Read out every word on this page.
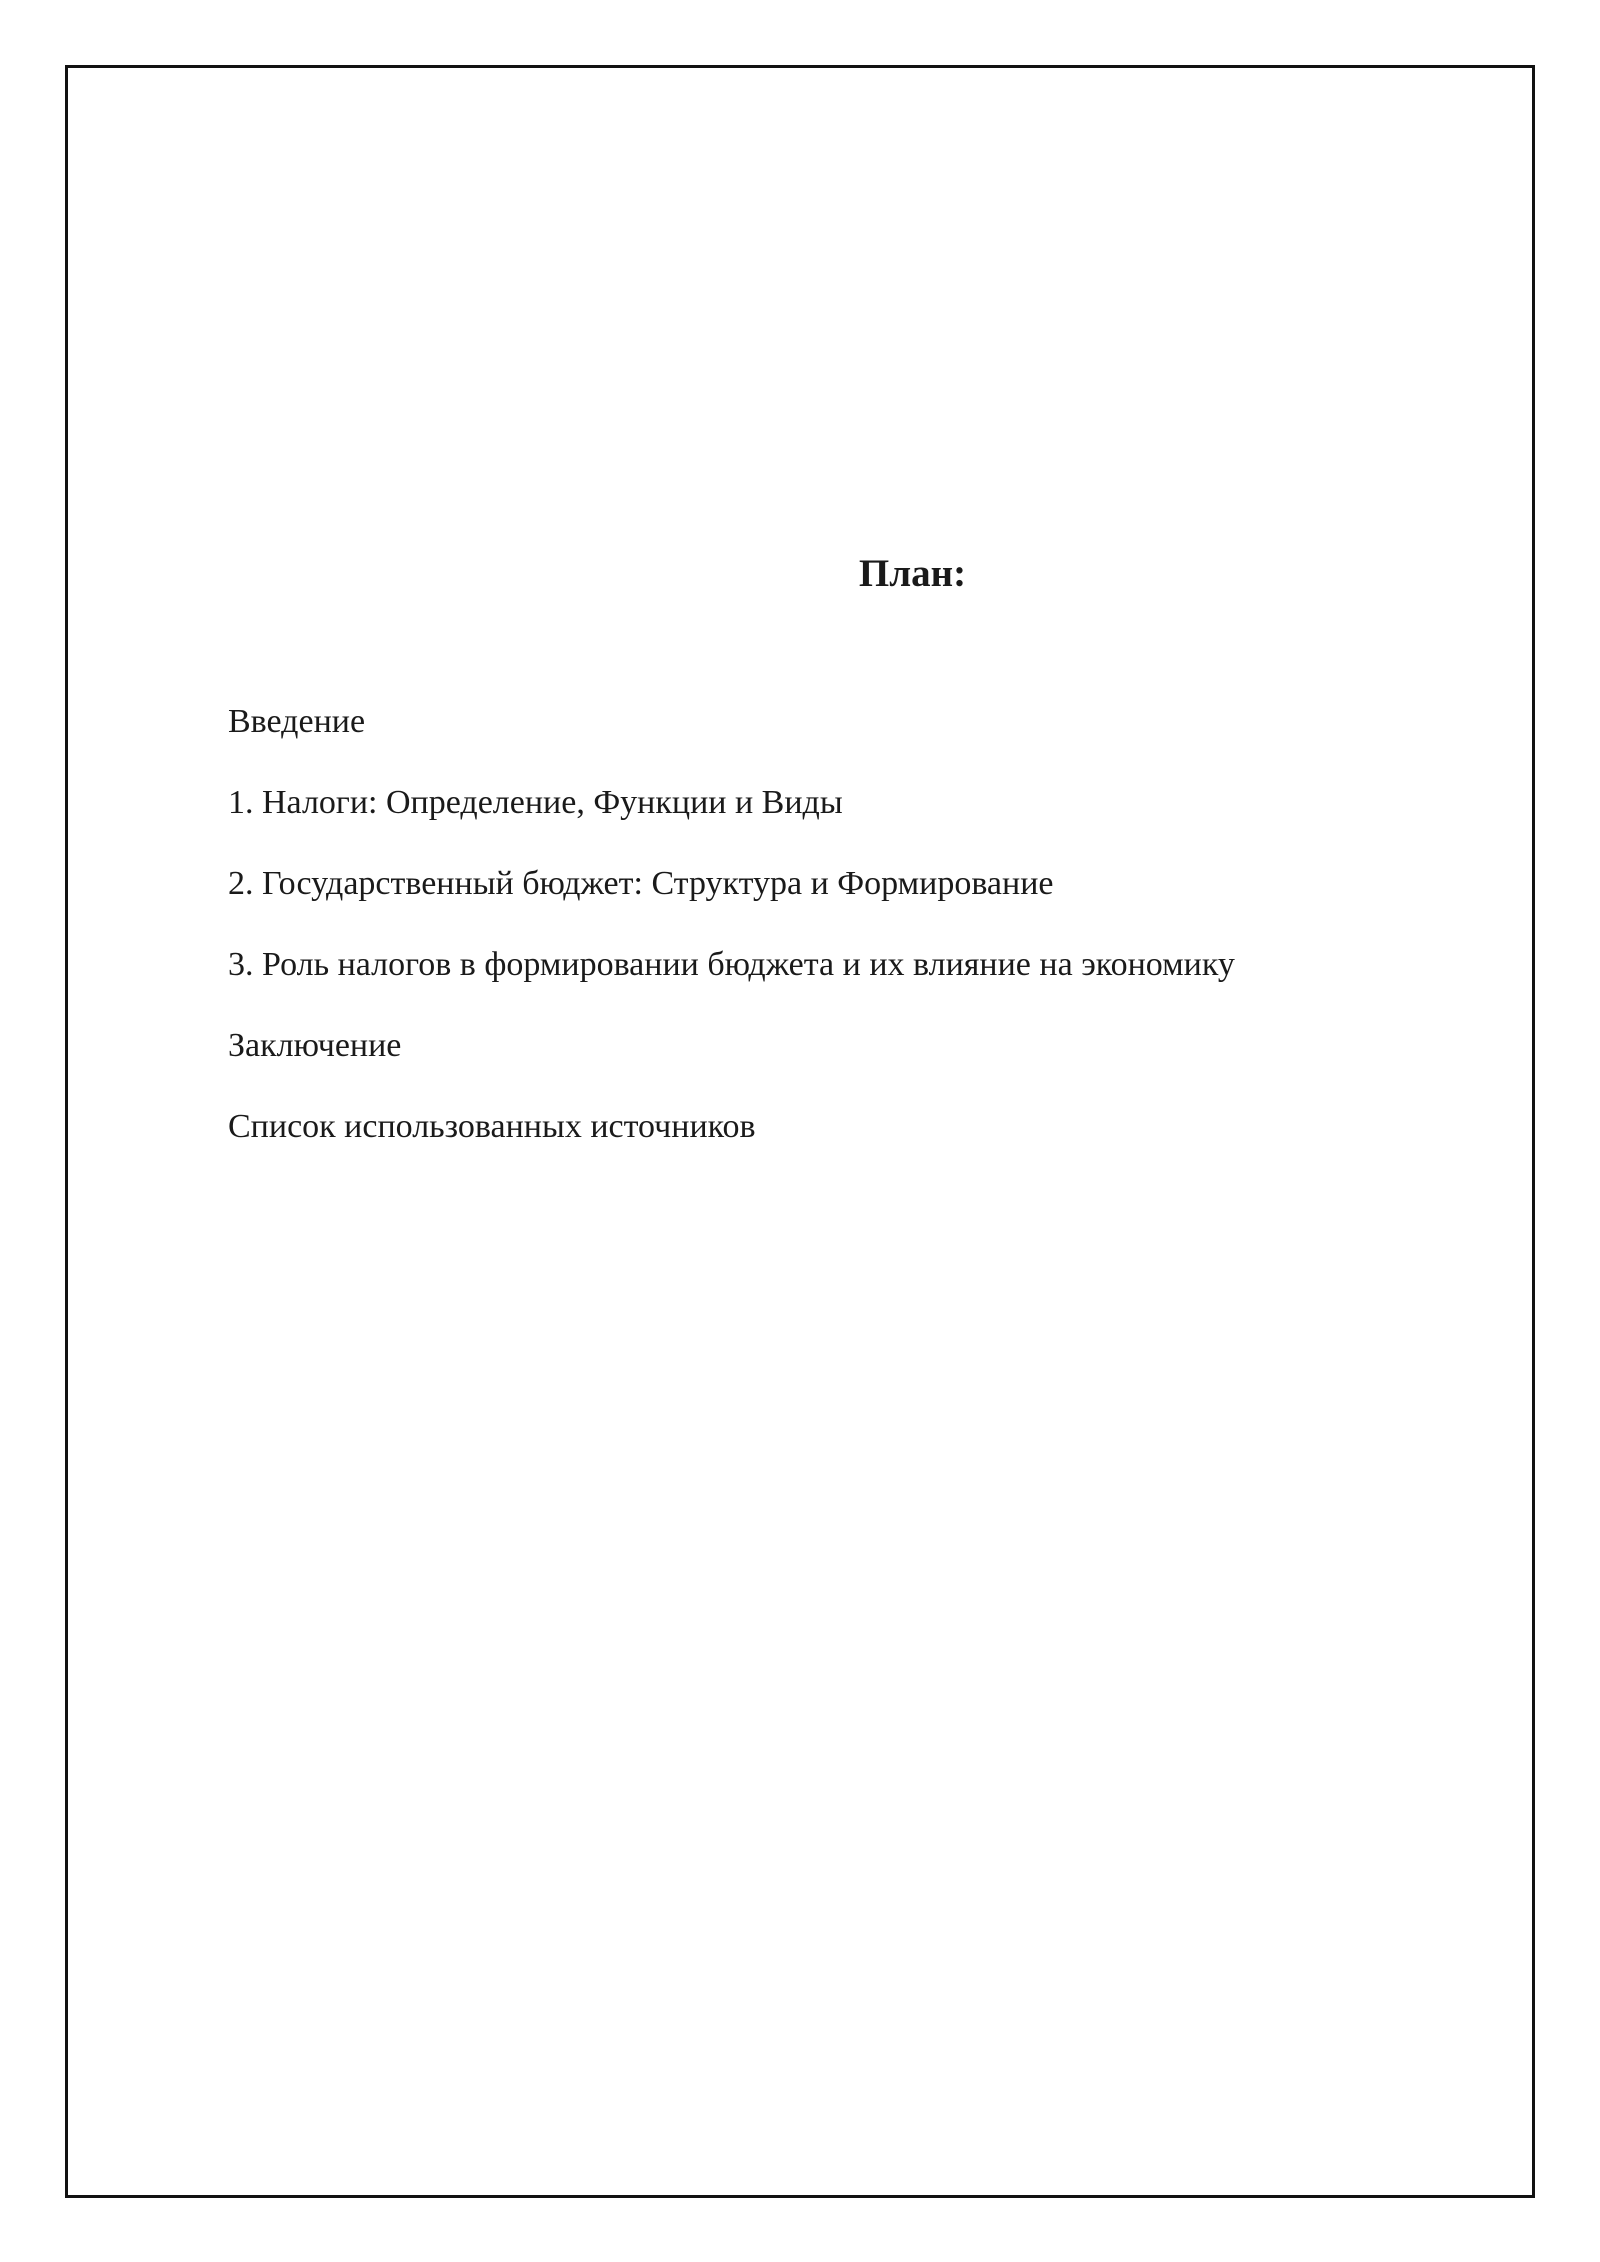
План:
Введение
1. Налоги: Определение, Функции и Виды
2. Государственный бюджет: Структура и Формирование
3. Роль налогов в формировании бюджета и их влияние на экономику
Заключение
Список использованных источников
